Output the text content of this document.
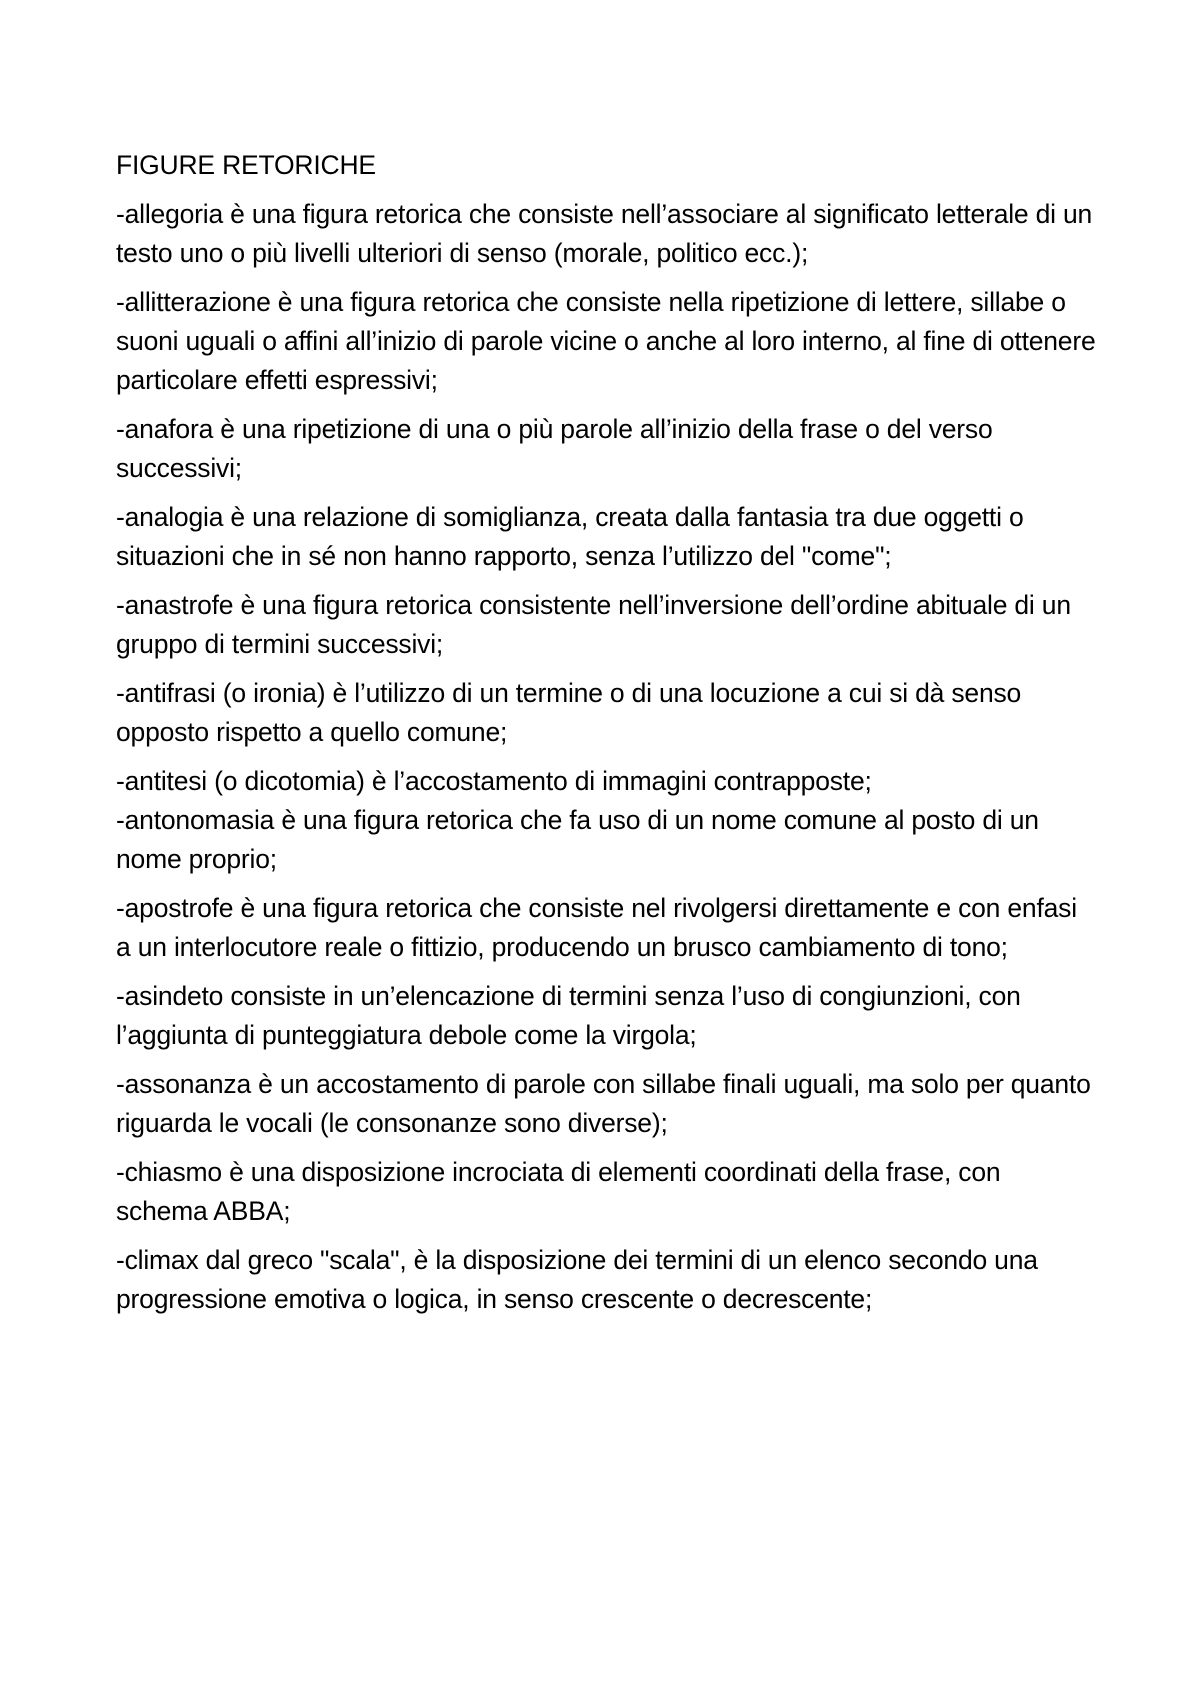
FIGURE RETORICHE

-allegoria è una figura retorica che consiste nell’associare al significato letterale di un testo uno o più livelli ulteriori di senso (morale, politico ecc.);

-allitterazione è una figura retorica che consiste nella ripetizione di lettere, sillabe o suoni uguali o affini all’inizio di parole vicine o anche al loro interno, al fine di ottenere particolare effetti espressivi;

-anafora è una ripetizione di una o più parole all’inizio della frase o del verso successivi;

-analogia è una relazione di somiglianza, creata dalla fantasia tra due oggetti o situazioni che in sé non hanno rapporto, senza l’utilizzo del "come";

-anastrofe è una figura retorica consistente nell’inversione dell’ordine abituale di un gruppo di termini successivi;

-antifrasi (o ironia) è l’utilizzo di un termine o di una locuzione a cui si dà senso opposto rispetto a quello comune;

-antitesi (o dicotomia) è l’accostamento di immagini contrapposte;

-antonomasia è una figura retorica che fa uso di un nome comune al posto di un nome proprio;

-apostrofe è una figura retorica che consiste nel rivolgersi direttamente e con enfasi a un interlocutore reale o fittizio, producendo un brusco cambiamento di tono;

-asindeto consiste in un’elencazione di termini senza l’uso di congiunzioni, con l’aggiunta di punteggiatura debole come la virgola;

-assonanza è un accostamento di parole con sillabe finali uguali, ma solo per quanto riguarda le vocali (le consonanze sono diverse);

-chiasmo è una disposizione incrociata di elementi coordinati della frase, con schema ABBA;

-climax dal greco "scala", è la disposizione dei termini di un elenco secondo una progressione emotiva o logica, in senso crescente o decrescente;
